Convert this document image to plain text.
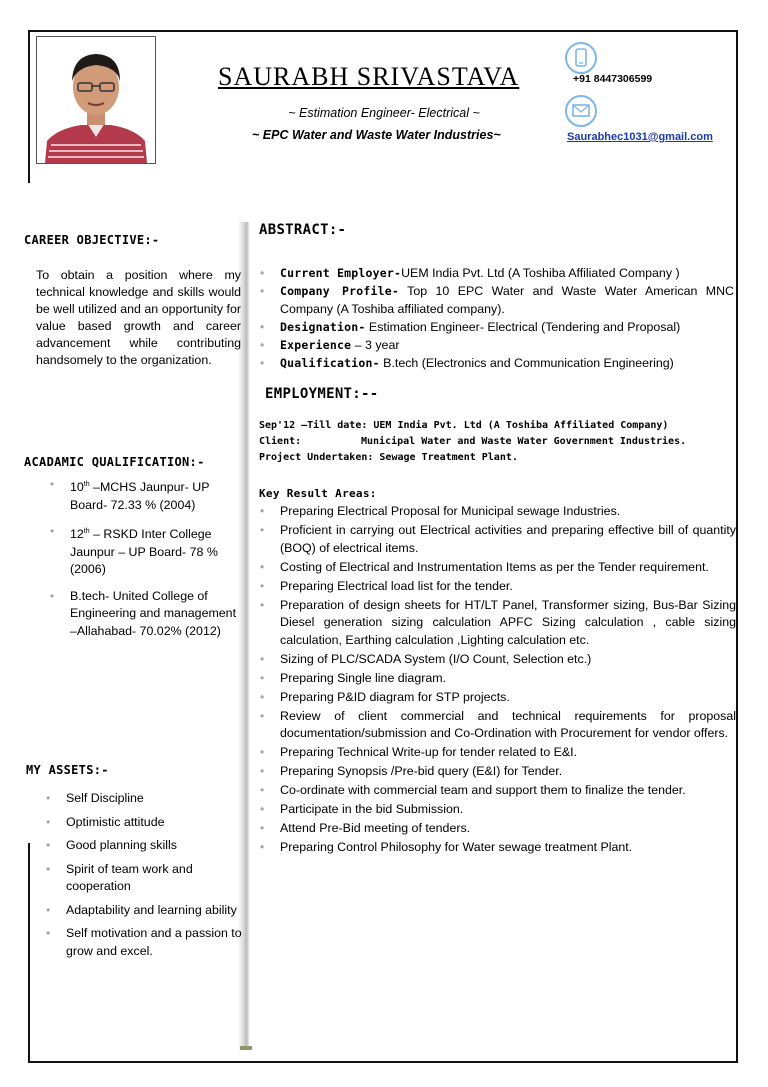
SAURABH SRIVASTAVA
~ Estimation Engineer- Electrical ~
~ EPC Water and Waste Water Industries~
+91 8447306599
Saurabhec1031@gmail.com
CAREER OBJECTIVE:-
To obtain a position where my technical knowledge and skills would be well utilized and an opportunity for value based growth and career advancement while contributing handsomely to the organization.
ACADAMIC QUALIFICATION:-
• 10th –MCHS Jaunpur- UP Board- 72.33 % (2004)
• 12th – RSKD Inter College Jaunpur – UP Board- 78 % (2006)
• B.tech- United College of Engineering and management –Allahabad- 70.02% (2012)
MY ASSETS:-
• Self Discipline
• Optimistic attitude
• Good planning skills
• Spirit of team work and cooperation
• Adaptability and learning ability
• Self motivation and a passion to grow and excel.
ABSTRACT:-
• Current Employer-UEM India Pvt. Ltd (A Toshiba Affiliated Company )
• Company Profile- Top 10 EPC Water and Waste Water American MNC Company (A Toshiba affiliated company).
• Designation- Estimation Engineer- Electrical (Tendering and Proposal)
• Experience – 3 year
• Qualification- B.tech (Electronics and Communication Engineering)
EMPLOYMENT:--
Sep'12 –Till date: UEM India Pvt. Ltd (A Toshiba Affiliated Company)
Client:	Municipal Water and Waste Water Government Industries.
Project Undertaken: Sewage Treatment Plant.
Key Result Areas:
• Preparing Electrical Proposal for Municipal sewage Industries.
• Proficient in carrying out Electrical activities and preparing effective bill of quantity (BOQ) of electrical items.
• Costing of Electrical and Instrumentation Items as per the Tender requirement.
• Preparing Electrical load list for the tender.
• Preparation of design sheets for HT/LT Panel, Transformer sizing, Bus-Bar Sizing Diesel generation sizing calculation APFC Sizing calculation , cable sizing calculation, Earthing calculation ,Lighting calculation etc.
• Sizing of PLC/SCADA System (I/O Count, Selection etc.)
• Preparing Single line diagram.
• Preparing P&ID diagram for STP projects.
• Review of client commercial and technical requirements for proposal documentation/submission and Co-Ordination with Procurement for vendor offers.
• Preparing Technical Write-up for tender related to E&I.
• Preparing Synopsis /Pre-bid query (E&I) for Tender.
• Co-ordinate with commercial team and support them to finalize the tender.
• Participate in the bid Submission.
• Attend Pre-Bid meeting of tenders.
• Preparing Control Philosophy for Water sewage treatment Plant.
